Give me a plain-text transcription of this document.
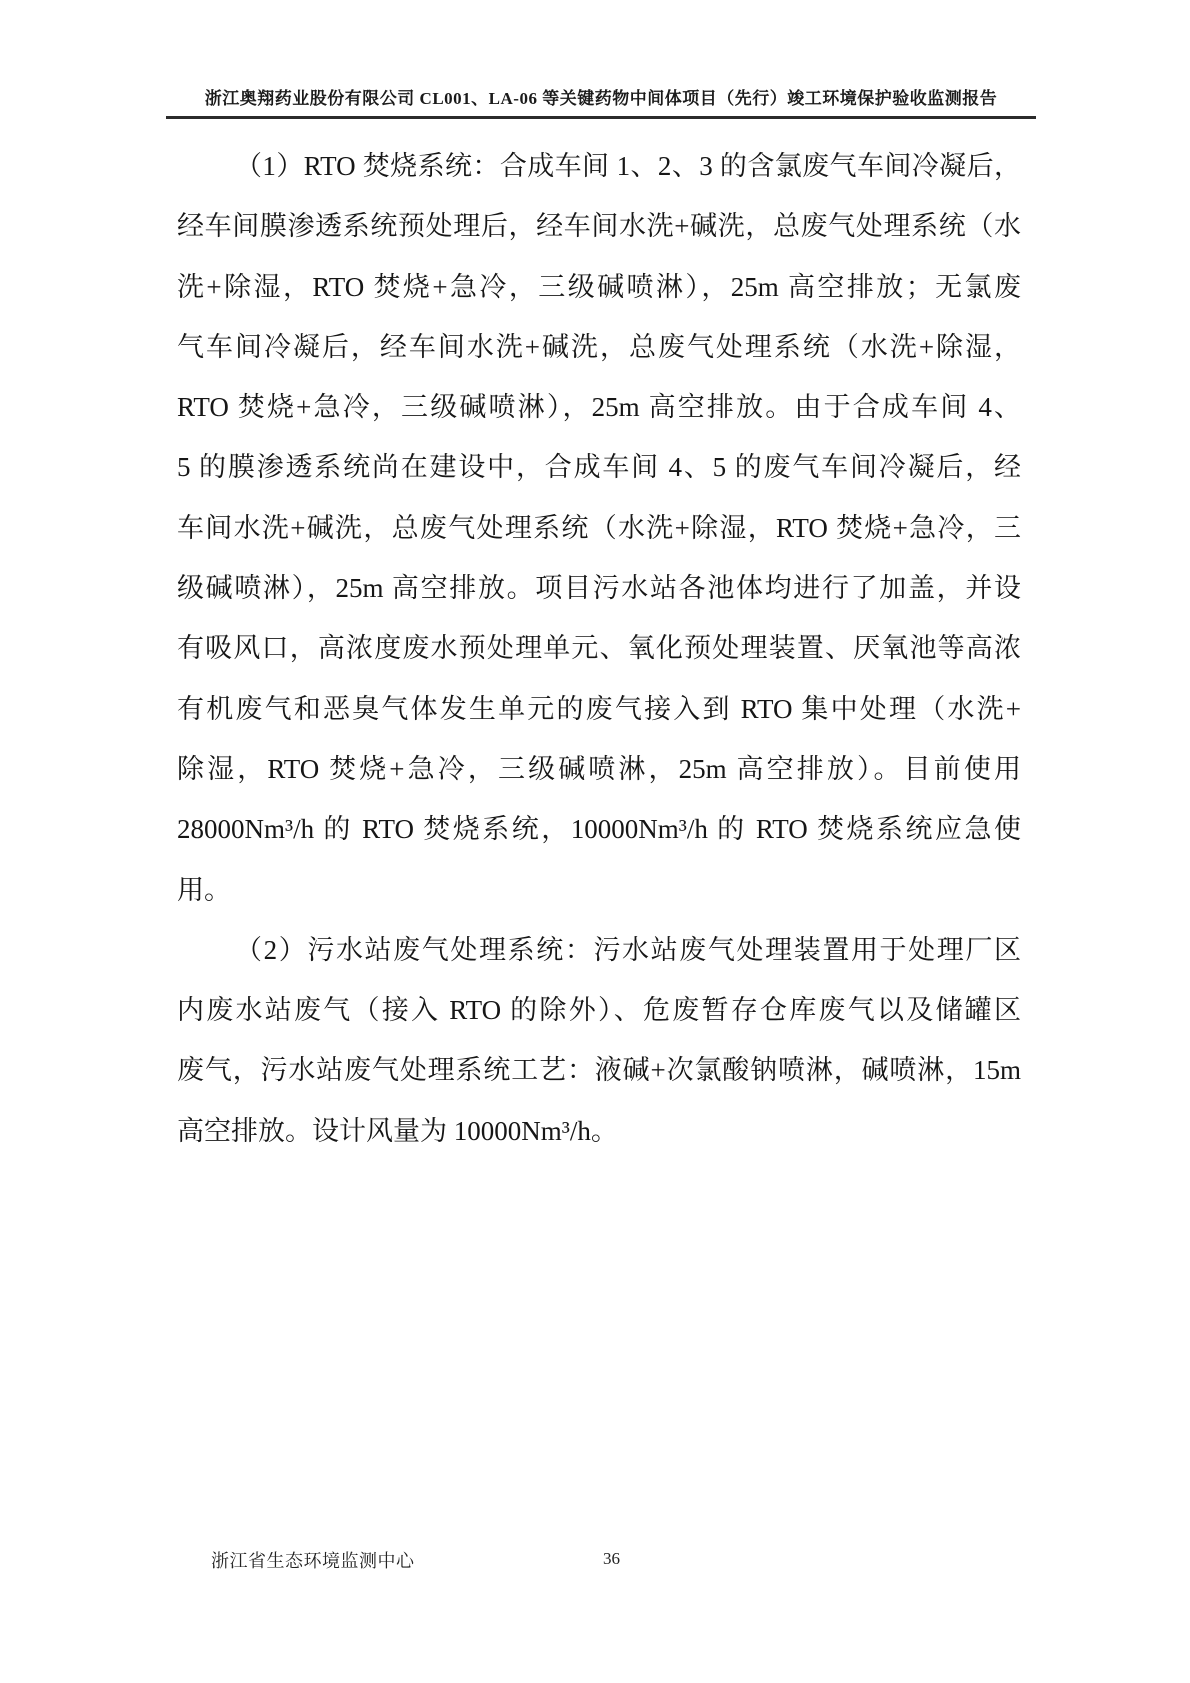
浙江奥翔药业股份有限公司 CL001、LA-06 等关键药物中间体项目（先行）竣工环境保护验收监测报告

（1）RTO 焚烧系统：合成车间 1、2、3 的含氯废气车间冷凝后，

经车间膜渗透系统预处理后，经车间水洗+碱洗，总废气处理系统（水

洗+除湿，RTO 焚烧+急冷，三级碱喷淋），25m 高空排放；无氯废

气车间冷凝后，经车间水洗+碱洗，总废气处理系统（水洗+除湿，

RTO 焚烧+急冷，三级碱喷淋），25m 高空排放。由于合成车间 4、

5 的膜渗透系统尚在建设中，合成车间 4、5 的废气车间冷凝后，经

车间水洗+碱洗，总废气处理系统（水洗+除湿，RTO 焚烧+急冷，三

级碱喷淋），25m 高空排放。项目污水站各池体均进行了加盖，并设

有吸风口，高浓度废水预处理单元、氧化预处理装置、厌氧池等高浓

有机废气和恶臭气体发生单元的废气接入到 RTO 集中处理（水洗+

除湿，RTO 焚烧+急冷，三级碱喷淋，25m 高空排放）。目前使用

28000Nm³/h 的 RTO 焚烧系统，10000Nm³/h 的 RTO 焚烧系统应急使

用。

（2）污水站废气处理系统：污水站废气处理装置用于处理厂区

内废水站废气（接入 RTO 的除外）、危废暂存仓库废气以及储罐区

废气，污水站废气处理系统工艺：液碱+次氯酸钠喷淋，碱喷淋，15m

高空排放。设计风量为 10000Nm³/h。

浙江省生态环境监测中心	36
